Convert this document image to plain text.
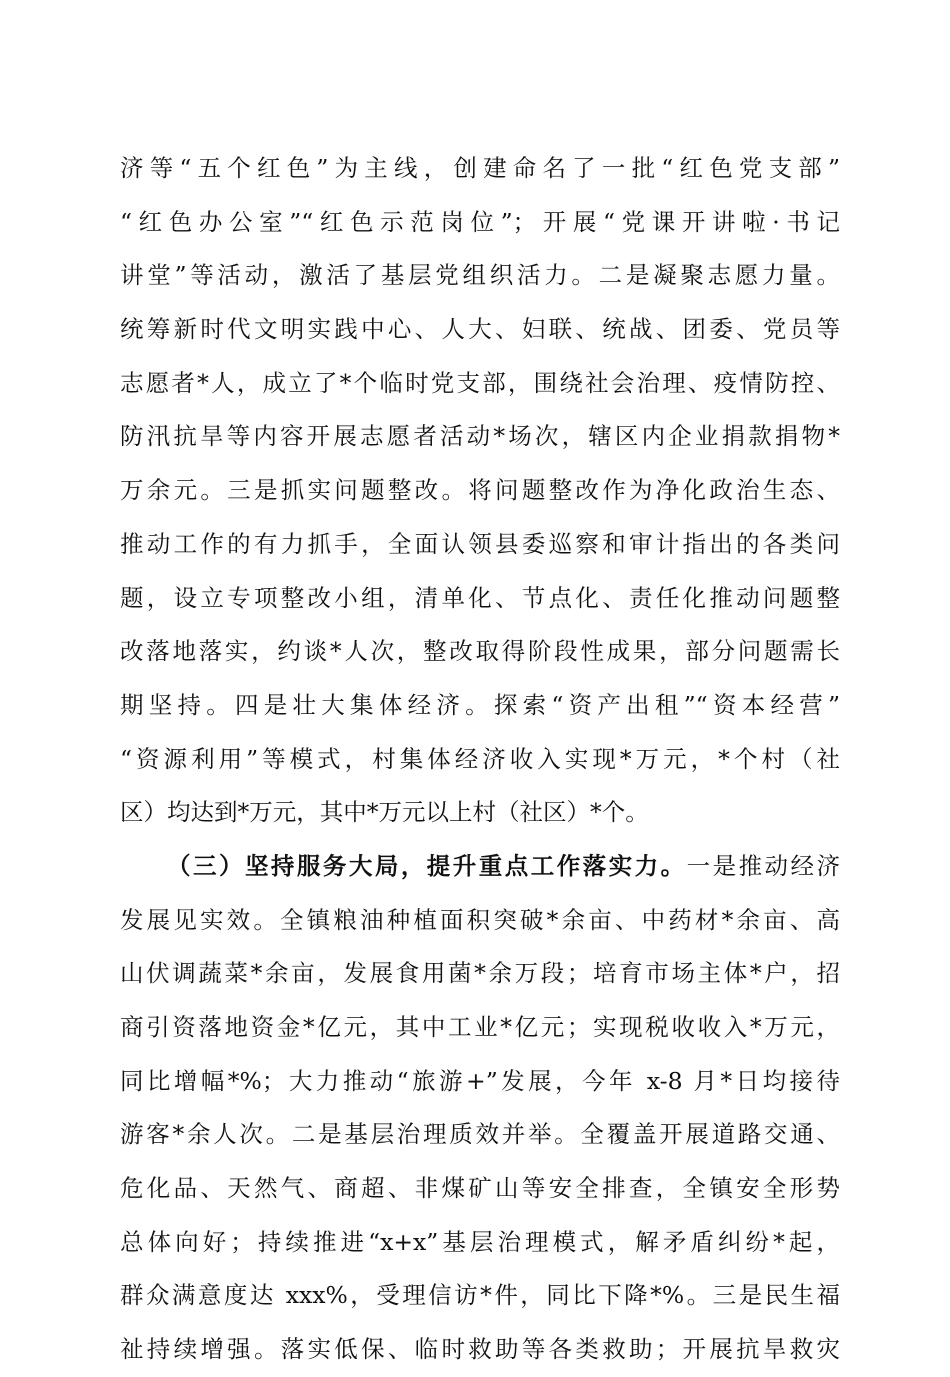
济等“五个红色”为主线，创建命名了一批“红色党支部”
“红色办公室”“红色示范岗位”；开展“党课开讲啦·书记
讲堂”等活动，激活了基层党组织活力。二是凝聚志愿力量。
统筹新时代文明实践中心、人大、妇联、统战、团委、党员等
志愿者*人，成立了*个临时党支部，围绕社会治理、疫情防控、
防汛抗旱等内容开展志愿者活动*场次，辖区内企业捐款捐物*
万余元。三是抓实问题整改。将问题整改作为净化政治生态、
推动工作的有力抓手，全面认领县委巡察和审计指出的各类问
题，设立专项整改小组，清单化、节点化、责任化推动问题整
改落地落实，约谈*人次，整改取得阶段性成果，部分问题需长
期坚持。四是壮大集体经济。探索“资产出租”“资本经营”
“资源利用”等模式，村集体经济收入实现*万元，*个村（社
区）均达到*万元，其中*万元以上村（社区）*个。
（三）坚持服务大局，提升重点工作落实力。一是推动经济
发展见实效。全镇粮油种植面积突破*余亩、中药材*余亩、高
山伏调蔬菜*余亩，发展食用菌*余万段；培育市场主体*户，招
商引资落地资金*亿元，其中工业*亿元；实现税收收入*万元，
同比增幅*%；大力推动“旅游+”发展，今年 x-8 月*日均接待
游客*余人次。二是基层治理质效并举。全覆盖开展道路交通、
危化品、天然气、商超、非煤矿山等安全排查，全镇安全形势
总体向好；持续推进“x+x”基层治理模式，解矛盾纠纷*起，
群众满意度达 xxx%，受理信访*件，同比下降*%。三是民生福
祉持续增强。落实低保、临时救助等各类救助；开展抗旱救灾
